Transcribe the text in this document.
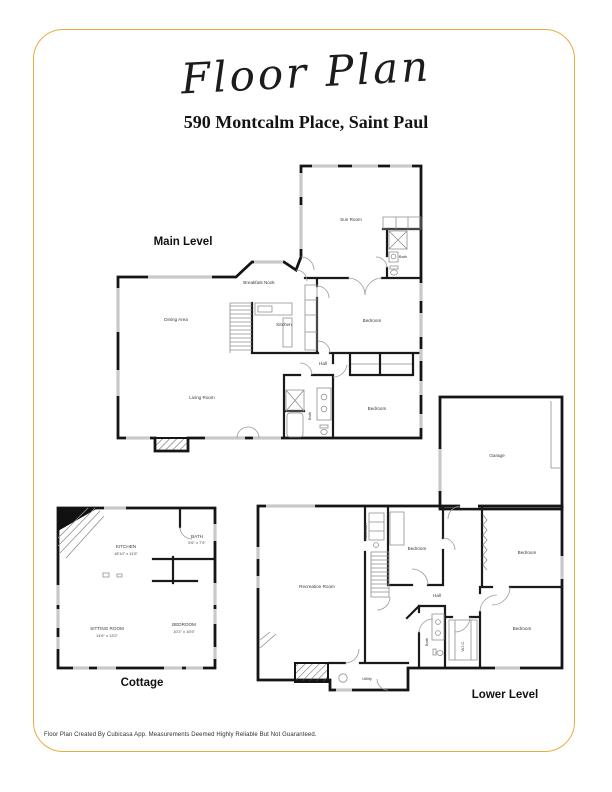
Floor Plan
590 Montcalm Place, Saint Paul
Main Level
Sun Room
Bath
Breakfast Nook
Dining Area
Kitchen
Bedroom
Hall
Living Room
Bath
Bedroom
Garage
Lower Level
Recreation Room
Mud/Bath
Bedroom
Bedroom
Hall
Bath	W.I.C.
Bedroom
Utility
Cottage
KITCHEN
18'10" x 11'5"
BATH
5'6" x 7'9"
SITTING ROOM
14'6" x 13'2"
BEDROOM
10'2" x 16'5"
Floor Plan Created By Cubicasa App. Measurements Deemed Highly Reliable But Not Guaranteed.
